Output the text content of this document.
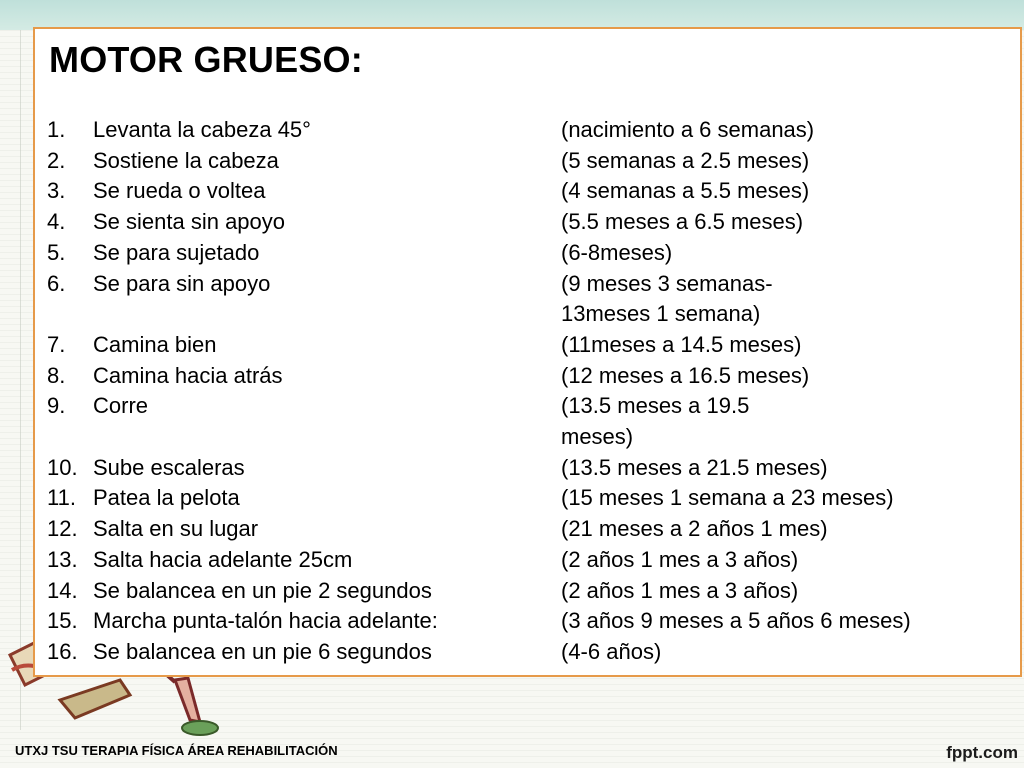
MOTOR GRUESO:
1.	Levanta la cabeza 45°	(nacimiento a 6 semanas)
2.	Sostiene la cabeza	(5 semanas a 2.5 meses)
3.	Se rueda o voltea	(4 semanas a 5.5 meses)
4.	Se sienta sin apoyo	(5.5 meses a 6.5 meses)
5.	Se para sujetado	(6-8meses)
6.	Se para sin apoyo	(9 meses 3 semanas-
13meses 1 semana)
7.	Camina bien	(11meses a 14.5 meses)
8.	Camina hacia atrás	(12 meses a 16.5 meses)
9.	Corre	(13.5 meses a 19.5
meses)
10. Sube escaleras	(13.5 meses a 21.5 meses)
11. Patea la pelota	(15 meses 1 semana a 23 meses)
12. Salta en su lugar	(21 meses a 2 años 1 mes)
13. Salta hacia adelante 25cm	(2 años 1 mes a 3 años)
14. Se balancea en un pie 2 segundos	(2 años 1 mes a 3 años)
15. Marcha punta-talón hacia adelante:	(3 años 9 meses a 5 años 6 meses)
16. Se balancea en un pie 6 segundos	(4-6 años)
UTXJ TSU TERAPIA FÍSICA ÁREA REHABILITACIÓN	fppt.com
